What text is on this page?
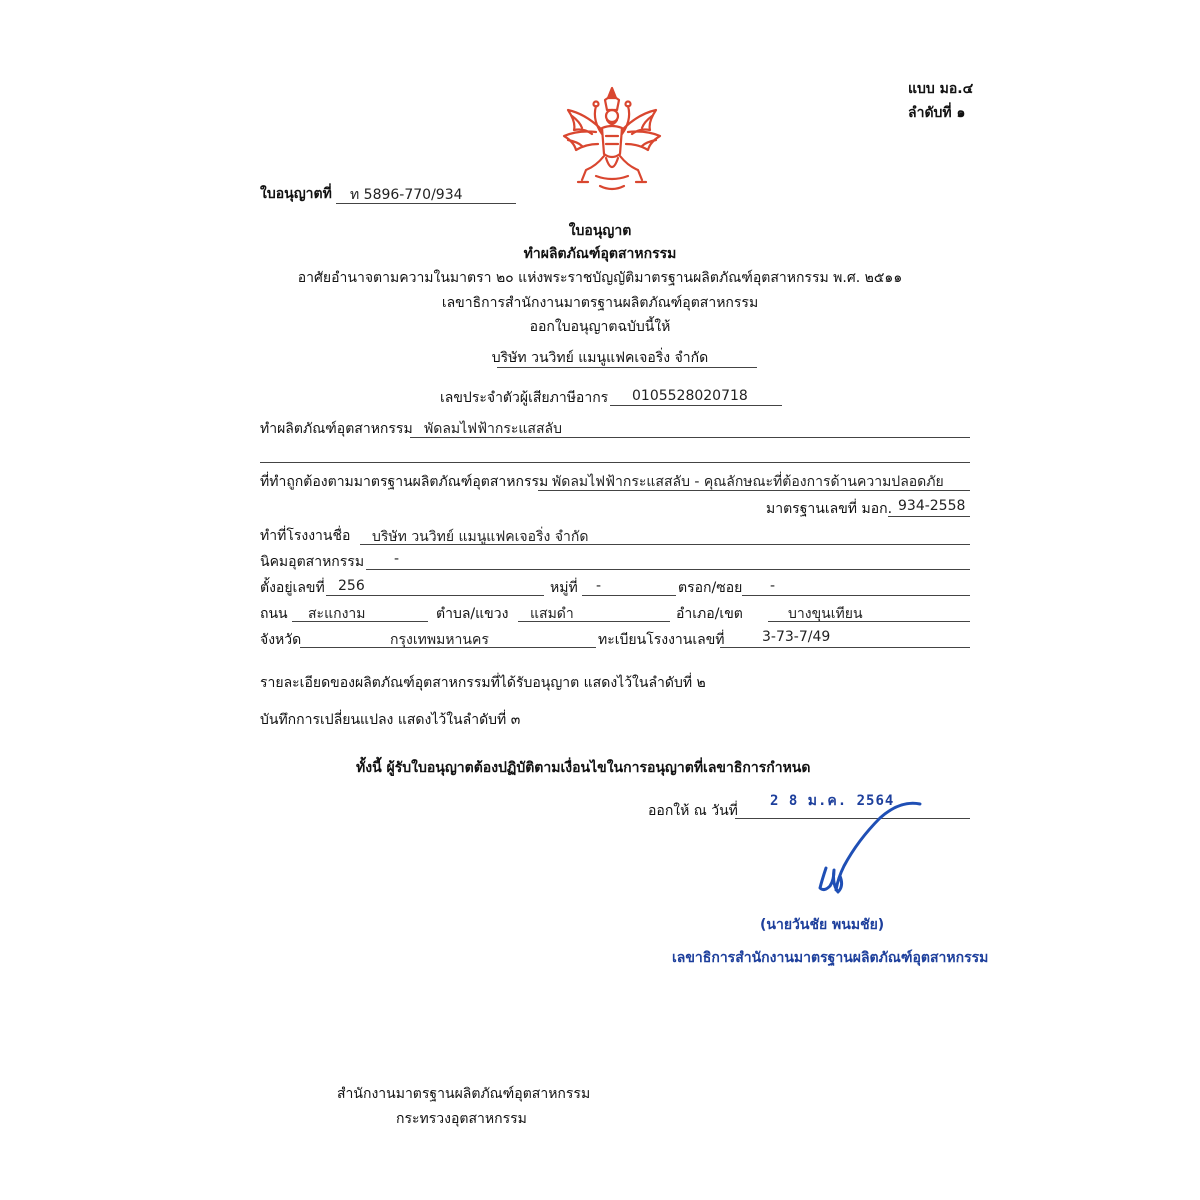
แบบ มอ.๔
ลำดับที่ ๑
ใบอนุญาตที่ ท 5896-770/934
ใบอนุญาต
ทำผลิตภัณฑ์อุตสาหกรรม
อาศัยอำนาจตามความในมาตรา ๒๐ แห่งพระราชบัญญัติมาตรฐานผลิตภัณฑ์อุตสาหกรรม พ.ศ. ๒๕๑๑
เลขาธิการสำนักงานมาตรฐานผลิตภัณฑ์อุตสาหกรรม
ออกใบอนุญาตฉบับนี้ให้
บริษัท วนวิทย์ แมนูแฟคเจอริ่ง จำกัด
เลขประจำตัวผู้เสียภาษีอากร 0105528020718
ทำผลิตภัณฑ์อุตสาหกรรม พัดลมไฟฟ้ากระแสสลับ
ที่ทำถูกต้องตามมาตรฐานผลิตภัณฑ์อุตสาหกรรม พัดลมไฟฟ้ากระแสสลับ - คุณลักษณะที่ต้องการด้านความปลอดภัย
มาตรฐานเลขที่ มอก. 934-2558
ทำที่โรงงานชื่อ บริษัท วนวิทย์ แมนูแฟคเจอริ่ง จำกัด
นิคมอุตสาหกรรม -
ตั้งอยู่เลขที่ 256	หมู่ที่ -	ตรอก/ซอย -
ถนน สะแกงาม	ตำบล/แขวง แสมดำ	อำเภอ/เขต	บางขุนเทียน
จังหวัด	กรุงเทพมหานคร	ทะเบียนโรงงานเลขที่	3-73-7/49
รายละเอียดของผลิตภัณฑ์อุตสาหกรรมที่ได้รับอนุญาต แสดงไว้ในลำดับที่ ๒
บันทึกการเปลี่ยนแปลง แสดงไว้ในลำดับที่ ๓
ทั้งนี้ ผู้รับใบอนุญาตต้องปฏิบัติตามเงื่อนไขในการอนุญาตที่เลขาธิการกำหนด
ออกให้ ณ วันที่
2 8 ม.ค. 2564
(นายวันชัย พนมชัย)
เลขาธิการสำนักงานมาตรฐานผลิตภัณฑ์อุตสาหกรรม
สำนักงานมาตรฐานผลิตภัณฑ์อุตสาหกรรม
กระทรวงอุตสาหกรรม
